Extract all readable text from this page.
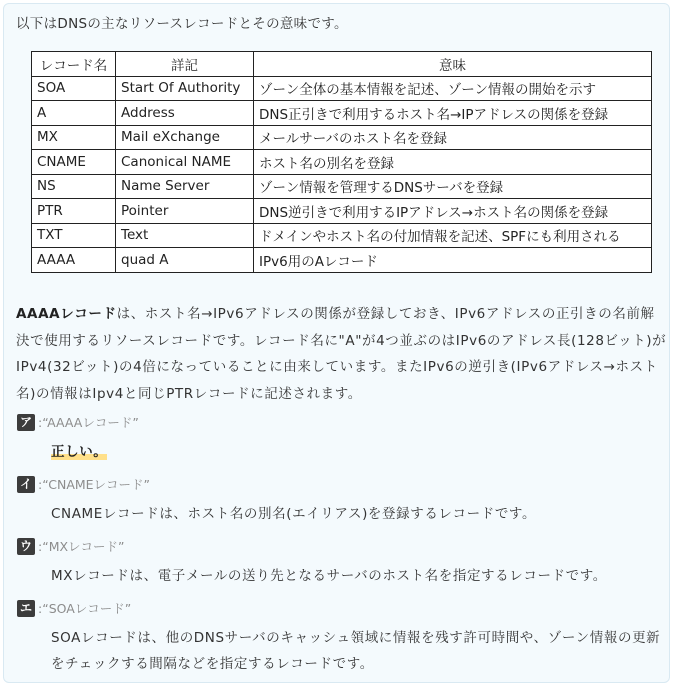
以下はDNSの主なリソースレコードとその意味です。
レコード名	詳記	意味
SOA	Start Of Authority	ゾーン全体の基本情報を記述、ゾーン情報の開始を示す
A	Address	DNS正引きで利用するホスト名→IPアドレスの関係を登録
MX	Mail eXchange	メールサーバのホスト名を登録
CNAME	Canonical NAME	ホスト名の別名を登録
NS	Name Server	ゾーン情報を管理するDNSサーバを登録
PTR	Pointer	DNS逆引きで利用するIPアドレス→ホスト名の関係を登録
TXT	Text	ドメインやホスト名の付加情報を記述、SPFにも利用される
AAAA	quad A	IPv6用のAレコード
AAAAレコードは、ホスト名→IPv6アドレスの関係が登録しておき、IPv6アドレスの正引きの名前解決で使用するリソースレコードです。レコード名に"A"が4つ並ぶのはIPv6のアドレス長(128ビット)がIPv4(32ビット)の4倍になっていることに由来しています。またIPv6の逆引き(IPv6アドレス→ホスト名)の情報はIpv4と同じPTRレコードに記述されます。
ア : “AAAAレコード”
正しい。
イ : “CNAMEレコード”
CNAMEレコードは、ホスト名の別名(エイリアス)を登録するレコードです。
ウ : “MXレコード”
MXレコードは、電子メールの送り先となるサーバのホスト名を指定するレコードです。
エ : “SOAレコード”
SOAレコードは、他のDNSサーバのキャッシュ領域に情報を残す許可時間や、ゾーン情報の更新をチェックする間隔などを指定するレコードです。
